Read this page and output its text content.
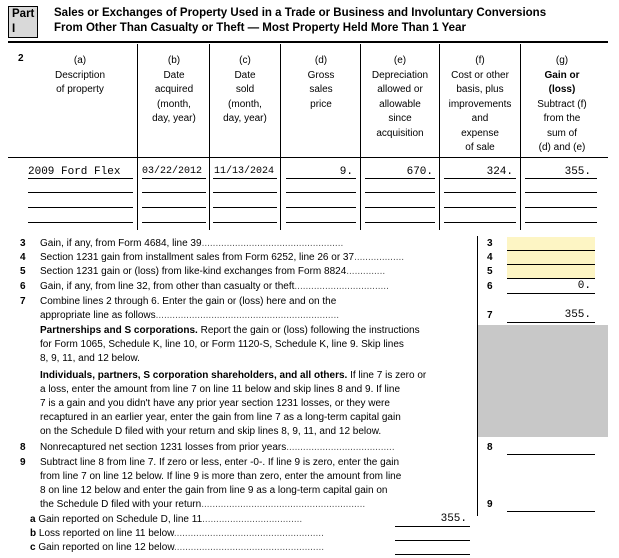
Part I
Sales or Exchanges of Property Used in a Trade or Business and Involuntary Conversions
From Other Than Casualty or Theft — Most Property Held More Than 1 Year
2	(a)
Description
of property
(b)
Date
acquired
(month,
day, year)
(c)
Date
sold
(month,
day, year)
(d)
Gross
sales
price
(e)
Depreciation
allowed or
allowable
since
acquisition
(f)
Cost or other
basis, plus
improvements
and
expense
of sale
(g)
Gain or
(loss)
Subtract (f)
from the
sum of
(d) and (e)
2009 Ford Flex 03/22/2012 11/13/2024	9.	670.	324.	355.
3 Gain, if any, from Form 4684, line 39...................................................	3
4 Section 1231 gain from installment sales from Form 6252, line 26 or 37..................	4
5 Section 1231 gain or (loss) from like-kind exchanges from Form 8824..............	5
6 Gain, if any, from line 32, from other than casualty or theft..................................	6	0.
7 Combine lines 2 through 6. Enter the gain or (loss) here and on the
appropriate line as follows..................................................................	7	355.
Partnerships and S corporations. Report the gain or (loss) following the instructions
for Form 1065, Schedule K, line 10, or Form 1120-S, Schedule K, line 9. Skip lines
8, 9, 11, and 12 below.
Individuals, partners, S corporation shareholders, and all others. If line 7 is zero or
a loss, enter the amount from line 7 on line 11 below and skip lines 8 and 9. If line
7 is a gain and you didn't have any prior year section 1231 losses, or they were
recaptured in an earlier year, enter the gain from line 7 as a long-term capital gain
on the Schedule D filed with your return and skip lines 8, 9, 11, and 12 below.
8 Nonrecaptured net section 1231 losses from prior years.......................................	8
9 Subtract line 8 from line 7. If zero or less, enter -0-. If line 9 is zero, enter the gain
from line 7 on line 12 below. If line 9 is more than zero, enter the amount from line
8 on line 12 below and enter the gain from line 9 as a long-term capital gain on
the Schedule D filed with your return...........................................................	9
a Gain reported on Schedule D, line 11....................................	355.
b Loss reported on line 11 below......................................................
c Gain reported on line 12 below......................................................
